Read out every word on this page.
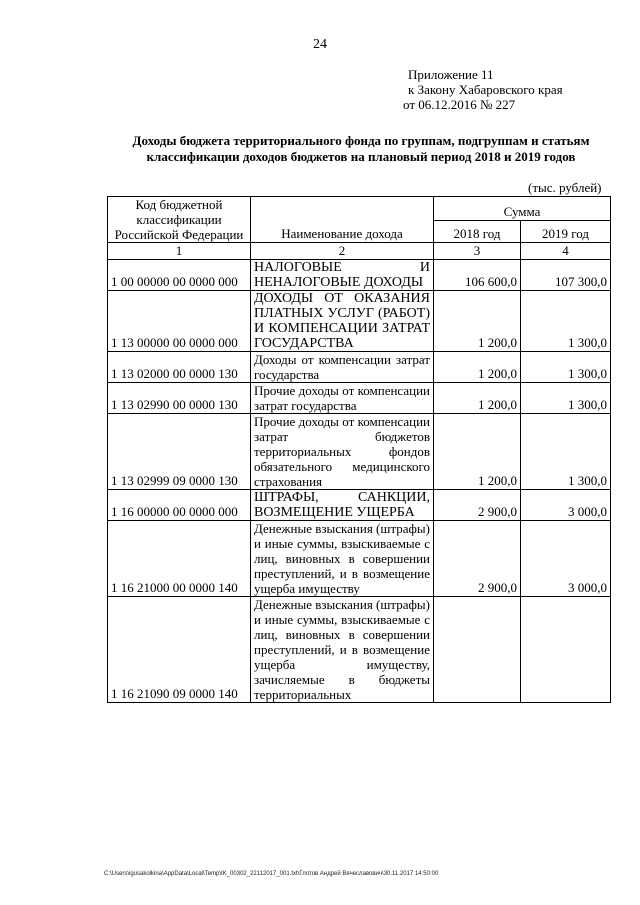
24
Приложение 11
к Закону Хабаровского края
от 06.12.2016 № 227
Доходы бюджета территориального фонда по группам, подгруппам и статьям
классификации доходов бюджетов на плановый период 2018 и 2019 годов
(тыс. рублей)
Код бюджетной классификации Российской Федерации	Наименование дохода	Сумма	
		2018 год	2019 год
1	2	3	4
1 00 00000 00 0000 000	НАЛОГОВЫЕ И НЕНАЛОГОВЫЕ ДОХОДЫ	106 600,0	107 300,0
1 13 00000 00 0000 000	ДОХОДЫ ОТ ОКАЗАНИЯ ПЛАТНЫХ УСЛУГ (РАБОТ) И КОМПЕНСАЦИИ ЗАТРАТ ГОСУДАРСТВА	1 200,0	1 300,0
1 13 02000 00 0000 130	Доходы от компенсации затрат государства	1 200,0	1 300,0
1 13 02990 00 0000 130	Прочие доходы от компенсации затрат государства	1 200,0	1 300,0
1 13 02999 09 0000 130	Прочие доходы от компенсации затрат бюджетов территориальных фондов обязательного медицинского страхования	1 200,0	1 300,0
1 16 00000 00 0000 000	ШТРАФЫ, САНКЦИИ, ВОЗМЕЩЕНИЕ УЩЕРБА	2 900,0	3 000,0
1 16 21000 00 0000 140	Денежные взыскания (штрафы) и иные суммы, взыскиваемые с лиц, виновных в совершении преступлений, и в возмещение ущерба имуществу	2 900,0	3 000,0
1 16 21090 09 0000 140	Денежные взыскания (штрафы) и иные суммы, взыскиваемые с лиц, виновных в совершении преступлений, и в возмещение ущерба имуществу, зачисляемые в бюджеты территориальных		
C:\Users\igusakolkina\AppData\Local\Temp\IK_00302_22112017_001.txt\Глотов Андрей Вячеславович\30.11.2017 14:50:00
